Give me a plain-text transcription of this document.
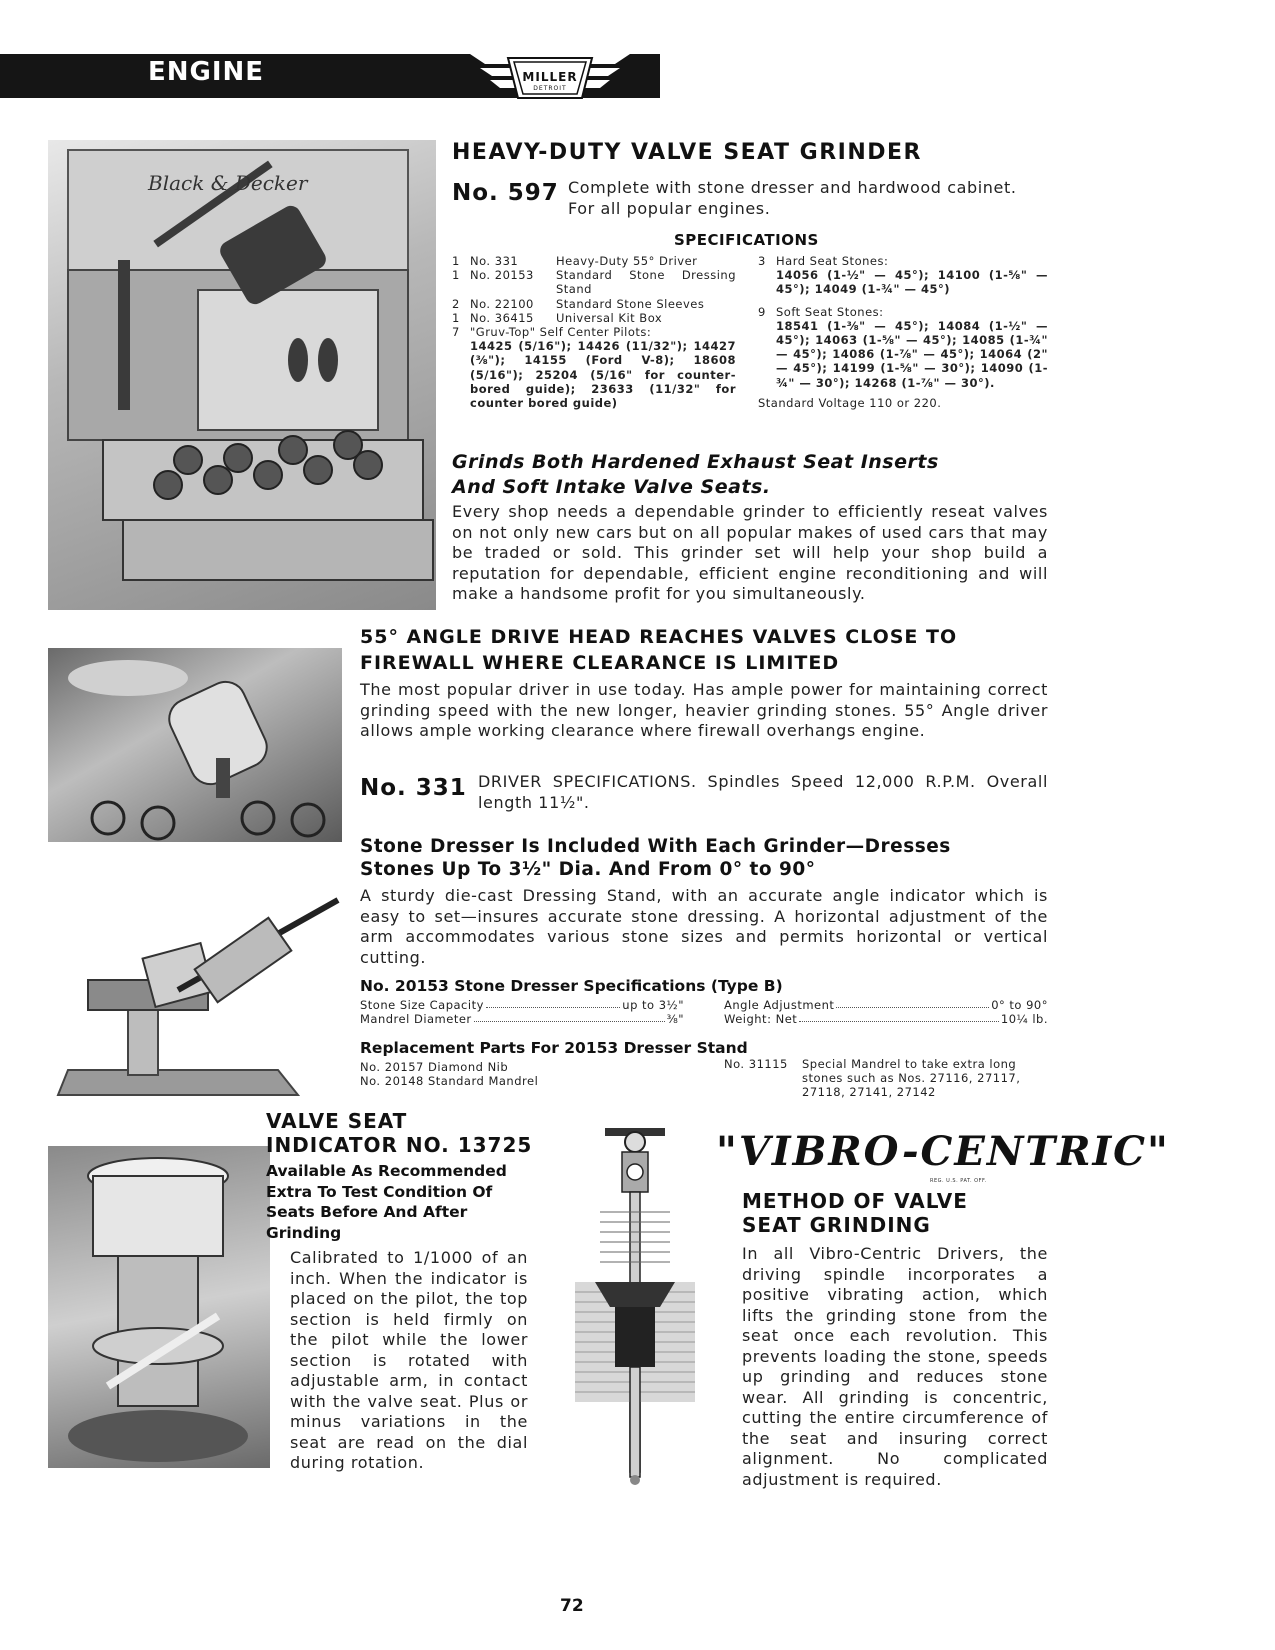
ENGINE	MILLER
DETROIT
Black & Decker
HEAVY-DUTY VALVE SEAT GRINDER
No. 597 Complete with stone dresser and hardwood cabinet. For all popular engines.
SPECIFICATIONS
1 No. 331	Heavy-Duty 55° Driver
1 No. 20153	Standard Stone Dressing Stand
2 No. 22100	Standard Stone Sleeves
1 No. 36415	Universal Kit Box
7 "Gruv-Top" Self Center Pilots:
14425 (5/16"); 14426 (11/32"); 14427 (⅜"); 14155 (Ford V-8); 18608 (5/16"); 25204 (5/16" for counter-bored guide); 23633 (11/32" for counter bored guide)
3 Hard Seat Stones:
14056 (1-½" — 45°); 14100 (1-⅝" — 45°); 14049 (1-¾" — 45°)
9 Soft Seat Stones:
18541 (1-⅜" — 45°); 14084 (1-½" — 45°); 14063 (1-⅝" — 45°); 14085 (1-¾" — 45°); 14086 (1-⅞" — 45°); 14064 (2" — 45°); 14199 (1-⅝" — 30°); 14090 (1-¾" — 30°); 14268 (1-⅞" — 30°).
Standard Voltage 110 or 220.
Grinds Both Hardened Exhaust Seat Inserts
And Soft Intake Valve Seats.
Every shop needs a dependable grinder to efficiently reseat valves on not only new cars but on all popular makes of used cars that may be traded or sold. This grinder set will help your shop build a reputation for dependable, efficient engine reconditioning and will make a handsome profit for you simultaneously.
55° ANGLE DRIVE HEAD REACHES VALVES CLOSE TO
FIREWALL WHERE CLEARANCE IS LIMITED
The most popular driver in use today. Has ample power for maintaining correct grinding speed with the new longer, heavier grinding stones. 55° Angle driver allows ample working clearance where firewall overhangs engine.
No. 331 DRIVER SPECIFICATIONS. Spindles Speed 12,000 R.P.M. Overall length 11½".
Stone Dresser Is Included With Each Grinder—Dresses
Stones Up To 3½" Dia. And From 0° to 90°
A sturdy die-cast Dressing Stand, with an accurate angle indicator which is easy to set—insures accurate stone dressing. A horizontal adjustment of the arm accommodates various stone sizes and permits horizontal or vertical cutting.
No. 20153 Stone Dresser Specifications (Type B)
Stone Size Capacity	up to 3½"
Mandrel Diameter	⅜"
Angle Adjustment	0° to 90°
Weight: Net	10¼ lb.
Replacement Parts For 20153 Dresser Stand
No. 20157 Diamond Nib
No. 20148 Standard Mandrel
No. 31115	Special Mandrel to take extra long stones such as Nos. 27116, 27117, 27118, 27141, 27142
VALVE SEAT
INDICATOR NO. 13725
Available As Recommended Extra To Test Condition Of Seats Before And After Grinding
Calibrated to 1/1000 of an inch. When the indicator is placed on the pilot, the top section is held firmly on the pilot while the lower section is rotated with adjustable arm, in contact with the valve seat. Plus or minus variations in the seat are read on the dial during rotation.
"VIBRO-CENTRIC"
REG. U.S. PAT. OFF.
METHOD OF VALVE
SEAT GRINDING
In all Vibro-Centric Drivers, the driving spindle incorporates a positive vibrating action, which lifts the grinding stone from the seat once each revolution. This prevents loading the stone, speeds up grinding and reduces stone wear. All grinding is concentric, cutting the entire circumference of the seat and insuring correct alignment. No complicated adjustment is required.
72
